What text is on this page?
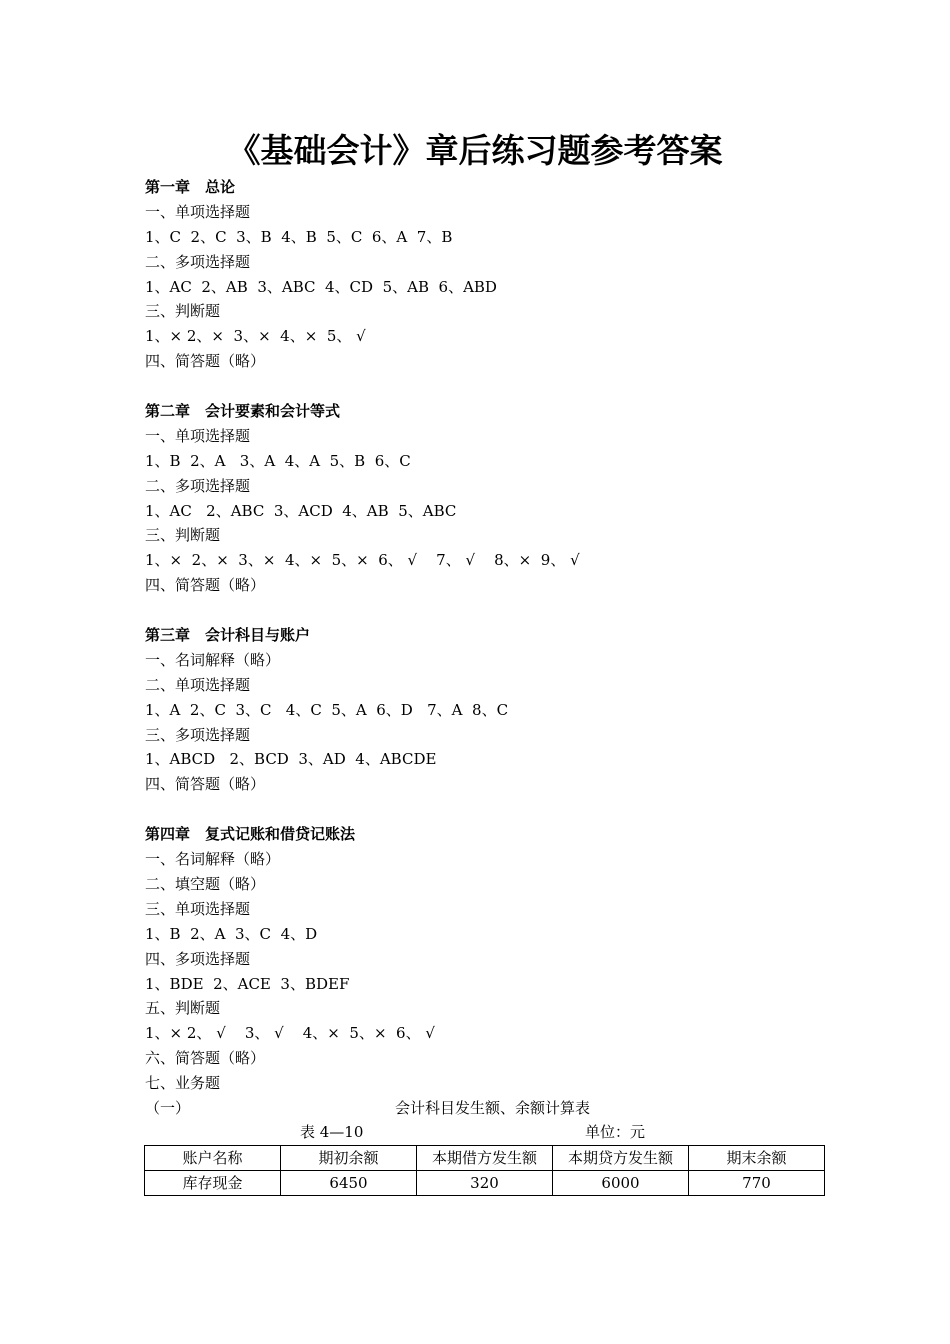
《基础会计》章后练习题参考答案
第一章　总论
一、单项选择题
1、C  2、C  3、B  4、B  5、C  6、A  7、B
二、多项选择题
1、AC  2、AB  3、ABC  4、CD  5、AB  6、ABD
三、判断题
1、× 2、×  3、×  4、×  5、 √
四、简答题（略）
第二章　会计要素和会计等式
一、单项选择题
1、B  2、A   3、A  4、A  5、B  6、C
二、多项选择题
1、AC   2、ABC  3、ACD  4、AB  5、ABC
三、判断题
1、×  2、×  3、×  4、×  5、×  6、 √    7、 √    8、×  9、 √
四、简答题（略）
第三章　会计科目与账户
一、名词解释（略）
二、单项选择题
1、A  2、C  3、C   4、C  5、A  6、D   7、A  8、C
三、多项选择题
1、ABCD   2、BCD  3、AD  4、ABCDE
四、简答题（略）
第四章　复式记账和借贷记账法
一、名词解释（略）
二、填空题（略）
三、单项选择题
1、B  2、A  3、C  4、D
四、多项选择题
1、BDE  2、ACE  3、BDEF
五、判断题
1、× 2、 √    3、 √    4、×  5、×  6、 √
六、简答题（略）
七、业务题
（一）	会计科目发生额、余额计算表
表 4—10	单位：元
账户名称	期初余额	本期借方发生额	本期贷方发生额	期末余额
库存现金	6450	320	6000	770
